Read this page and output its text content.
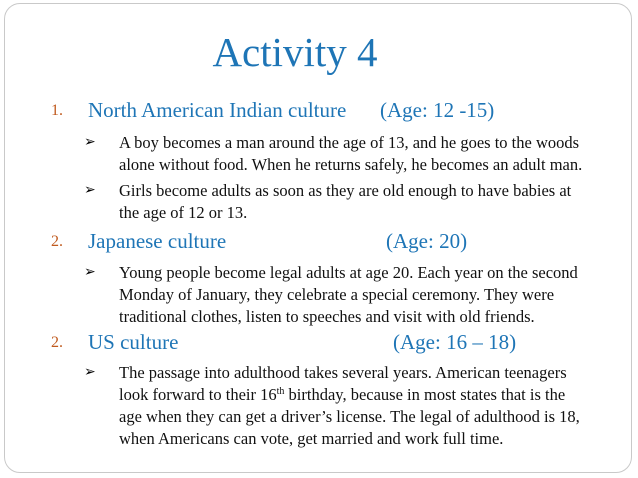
Activity 4
1. North American Indian culture (Age: 12 -15)
➢ A boy becomes a man around the age of 13, and he goes to the woods
alone without food. When he returns safely, he becomes an adult man.
➢ Girls become adults as soon as they are old enough to have babies at
the age of 12 or 13.
2. Japanese culture	(Age: 20)
➢ Young people become legal adults at age 20. Each year on the second
Monday of January, they celebrate a special ceremony. They were
traditional clothes, listen to speeches and visit with old friends.
2. US culture	(Age: 16 – 18)
➢ The passage into adulthood takes several years. American teenagers
look forward to their 16th birthday, because in most states that is the
age when they can get a driver’s license. The legal of adulthood is 18,
when Americans can vote, get married and work full time.
